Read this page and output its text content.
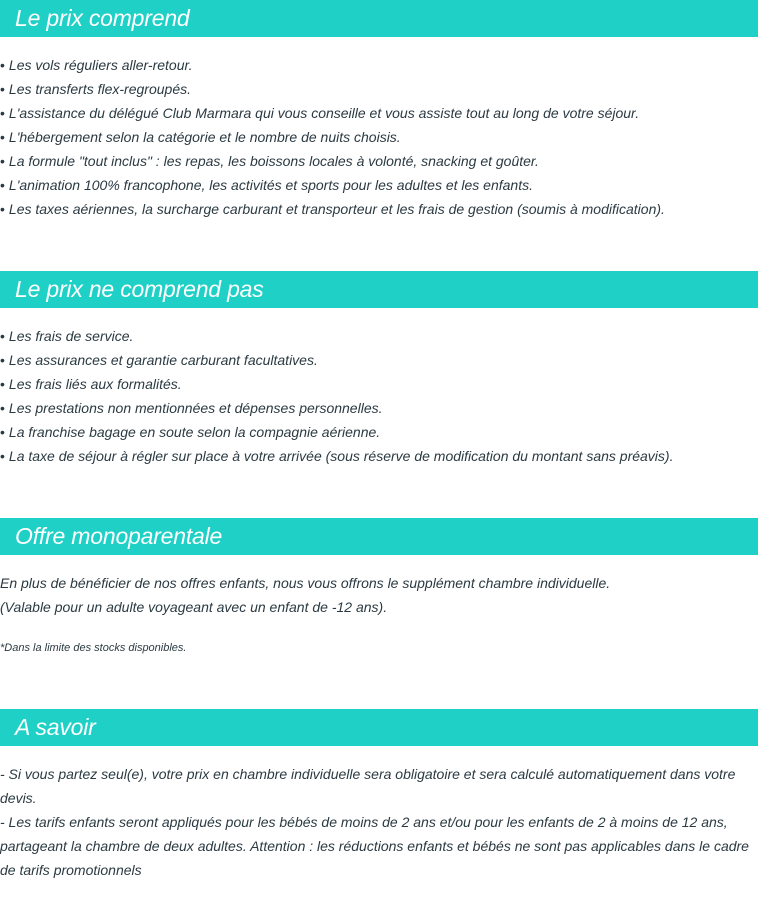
Le prix comprend
• Les vols réguliers aller-retour.
• Les transferts flex-regroupés.
• L'assistance du délégué Club Marmara qui vous conseille et vous assiste tout au long de votre séjour.
• L'hébergement selon la catégorie et le nombre de nuits choisis.
• La formule "tout inclus" : les repas, les boissons locales à volonté, snacking et goûter.
• L'animation 100% francophone, les activités et sports pour les adultes et les enfants.
• Les taxes aériennes, la surcharge carburant et transporteur et les frais de gestion (soumis à modification).
Le prix ne comprend pas
• Les frais de service.
• Les assurances et garantie carburant facultatives.
• Les frais liés aux formalités.
• Les prestations non mentionnées et dépenses personnelles.
• La franchise bagage en soute selon la compagnie aérienne.
• La taxe de séjour à régler sur place à votre arrivée (sous réserve de modification du montant sans préavis).
Offre monoparentale

En plus de bénéficier de nos offres enfants, nous vous offrons le supplément chambre individuelle.

(Valable pour un adulte voyageant avec un enfant de -12 ans).

*Dans la limite des stocks disponibles.

A savoir

- Si vous partez seul(e), votre prix en chambre individuelle sera obligatoire et sera calculé automatiquement dans votre devis.

- Les tarifs enfants seront appliqués pour les bébés de moins de 2 ans et/ou pour les enfants de 2 à moins de 12 ans, partageant la chambre de deux adultes. Attention : les réductions enfants et bébés ne sont pas applicables dans le cadre de tarifs promotionnels
